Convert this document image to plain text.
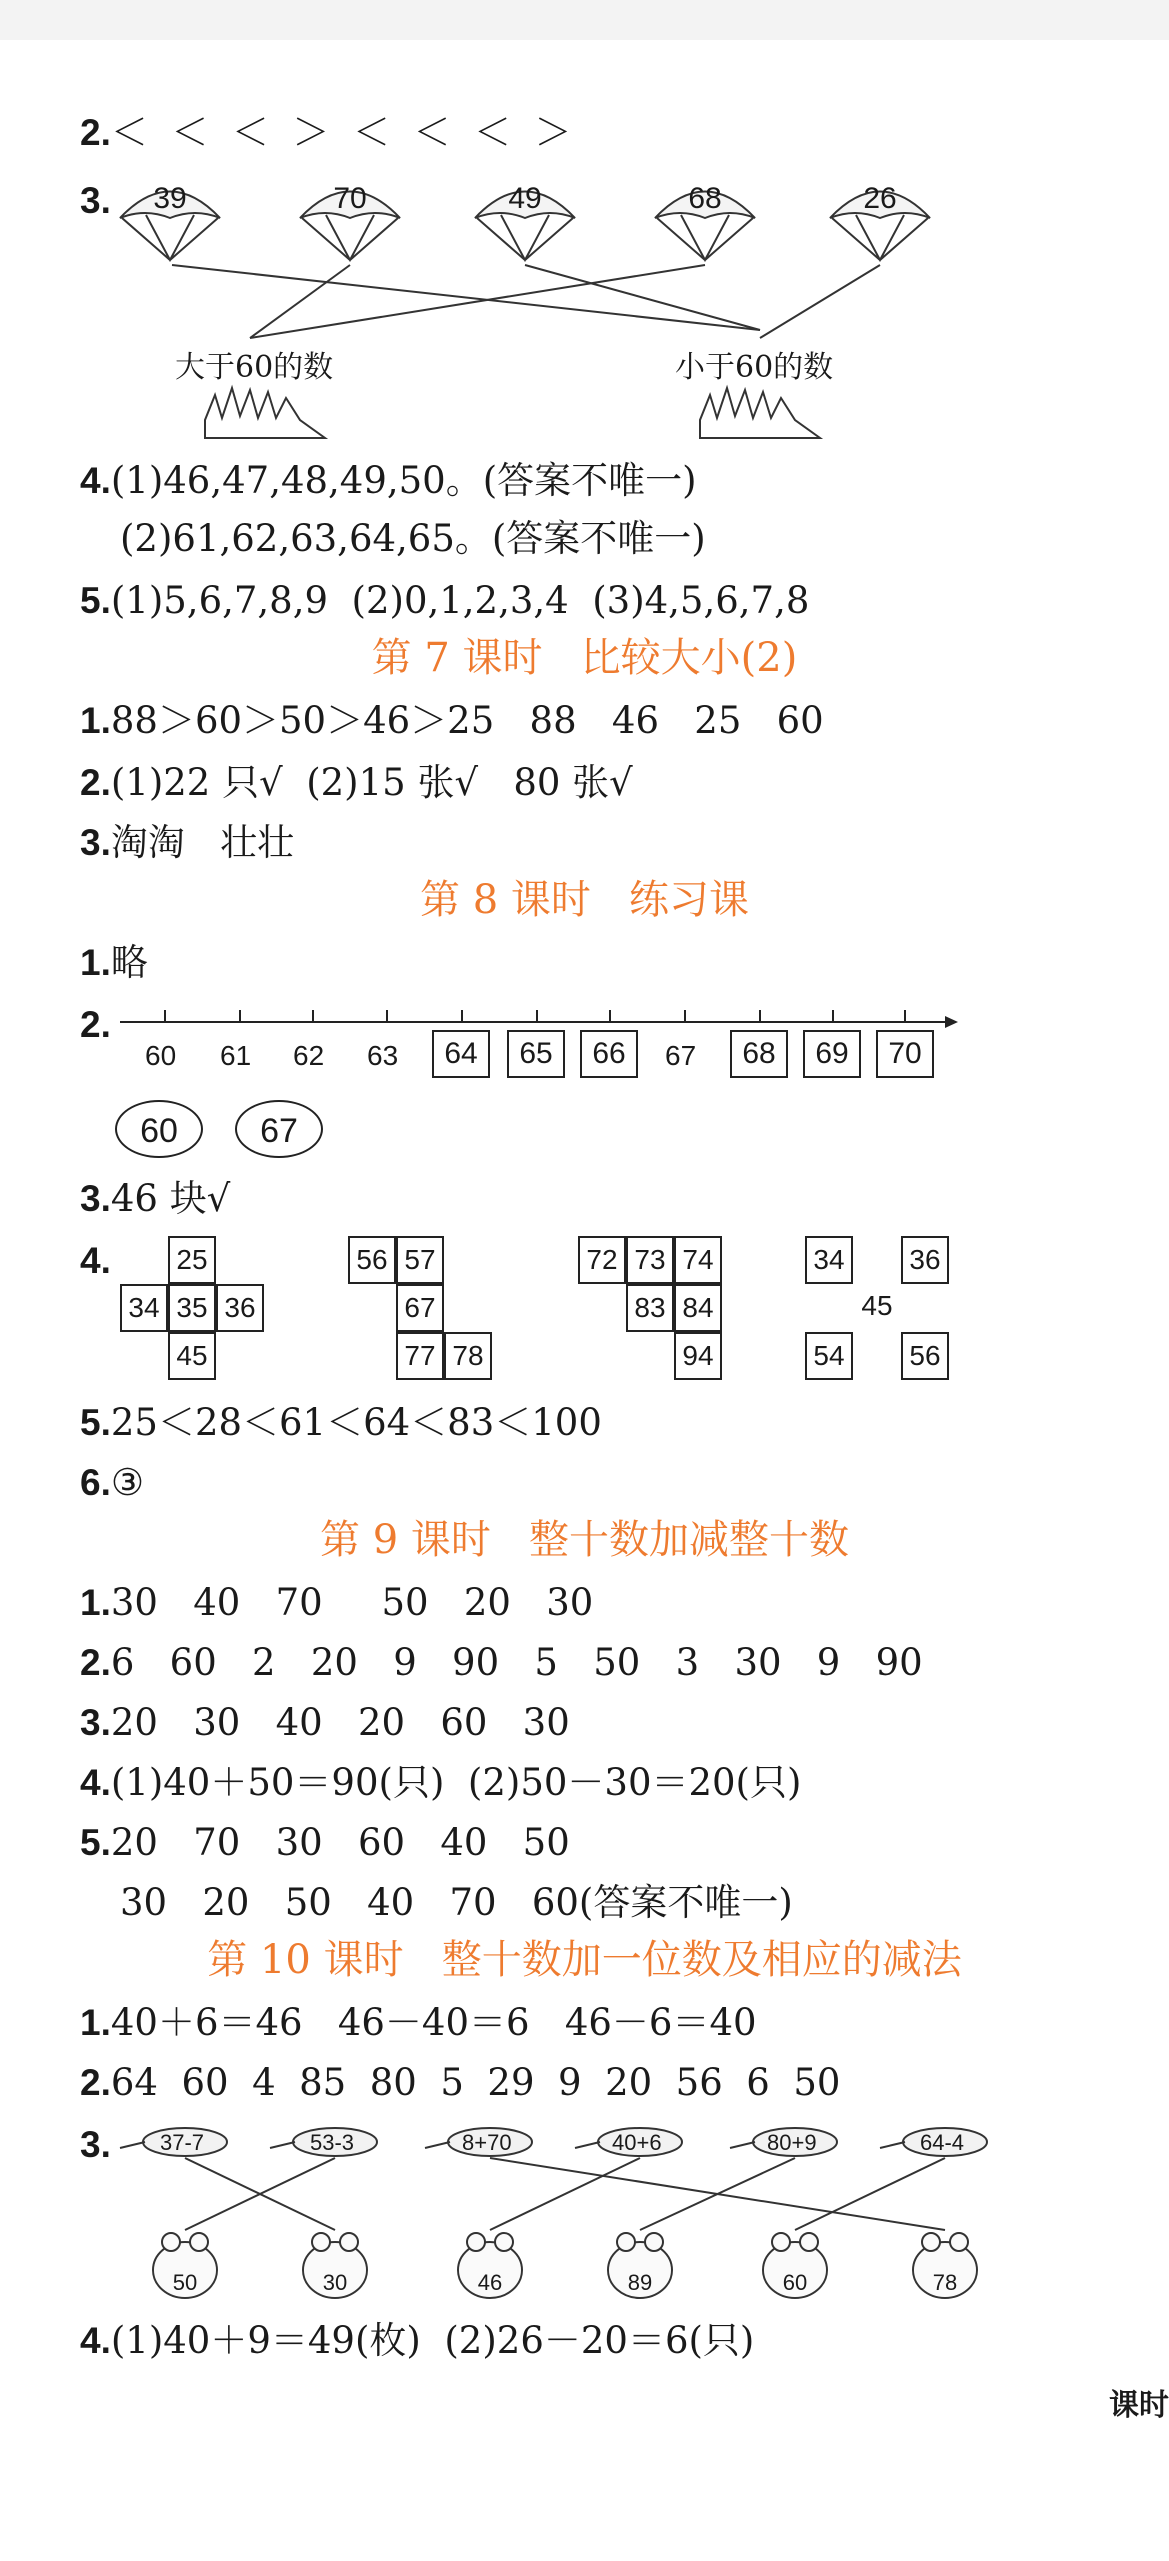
2.＜  ＜  ＜  ＞  ＜  ＜  ＜  ＞
3.	39	70	49	68	26
大于60的数	小于60的数
4.(1)46,47,48,49,50。(答案不唯一)
(2)61,62,63,64,65。(答案不唯一)
5.(1)5,6,7,8,9  (2)0,1,2,3,4  (3)4,5,6,7,8
第 7 课时   比较大小(2)
1.88＞60＞50＞46＞25   88   46   25   60
2.(1)22 只√  (2)15 张√   80 张√
3.淘淘   壮壮
第 8 课时   练习课
1.略
2.
60 61 62 63	64	65	66	67	68	69	70
60	67
3.46 块√
4.	25
34 35 36
45
56 57
67
77 78
72 73 74
83 84
94
34	36
45
54	56
5.25＜28＜61＜64＜83＜100
6.③
第 9 课时   整十数加减整十数
1.30   40   70     50   20   30
2.6   60   2   20   9   90   5   50   3   30   9   90
3.20   30   40   20   60   30
4.(1)40＋50＝90(只)  (2)50－30＝20(只)
5.20   70   30   60   40   50
30   20   50   40   70   60(答案不唯一)
第 10 课时   整十数加一位数及相应的减法
1.40＋6＝46   46－40＝6   46－6＝40
2.64  60  4  85  80  5  29  9  20  56  6  50
3. 37-7	53-3	8+70	40+6	80+9	64-4
50	30	46	89	60	78
4.(1)40＋9＝49(枚)  (2)26－20＝6(只)
课时
